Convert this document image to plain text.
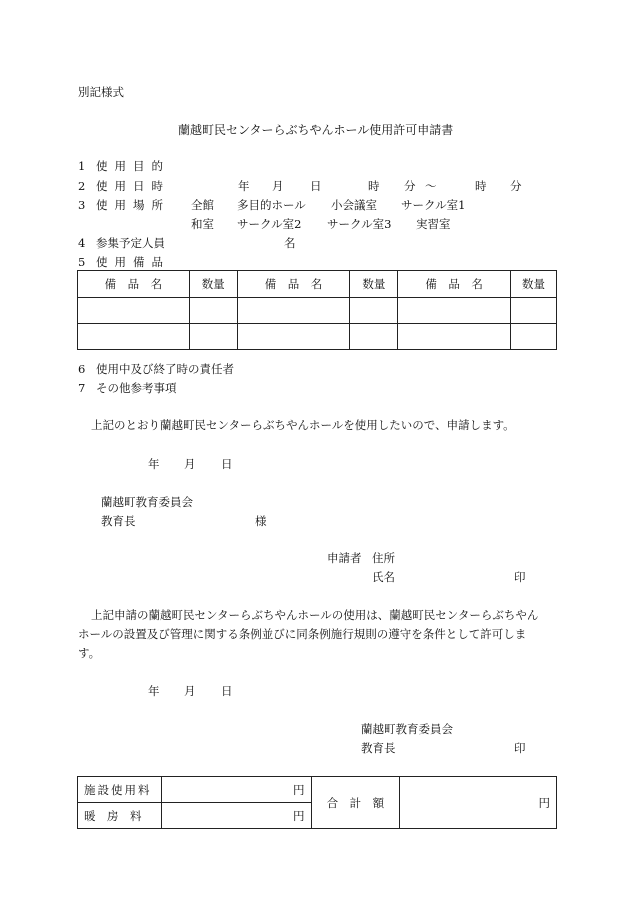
別記様式
蘭越町民センターらぶちやんホール使用許可申請書
1 使用目的
2 使用日時	年 月 日	時 分 ～	時 分
3 使用場所 全館 多目的ホール 小会議室 サークル室1
和室 サークル室2 サークル室3 実習室
4 参集予定人員	名
5 使用備品
備　品　名	数量	備　品　名	数量	備　品　名	数量

6 使用中及び終了時の責任者
7 その他参考事項
上記のとおり蘭越町民センターらぶちやんホールを使用したいので、申請します。
年 月 日
蘭越町教育委員会
教育長	様
申請者 住所
氏名	印
上記申請の蘭越町民センターらぶちやんホールの使用は、蘭越町民センターらぶちやん
ホールの設置及び管理に関する条例並びに同条例施行規則の遵守を条件として許可しま
す。
年 月 日
蘭越町教育委員会
教育長	印
施設使用料	円	合　計　額	円
暖　房　料	円		
